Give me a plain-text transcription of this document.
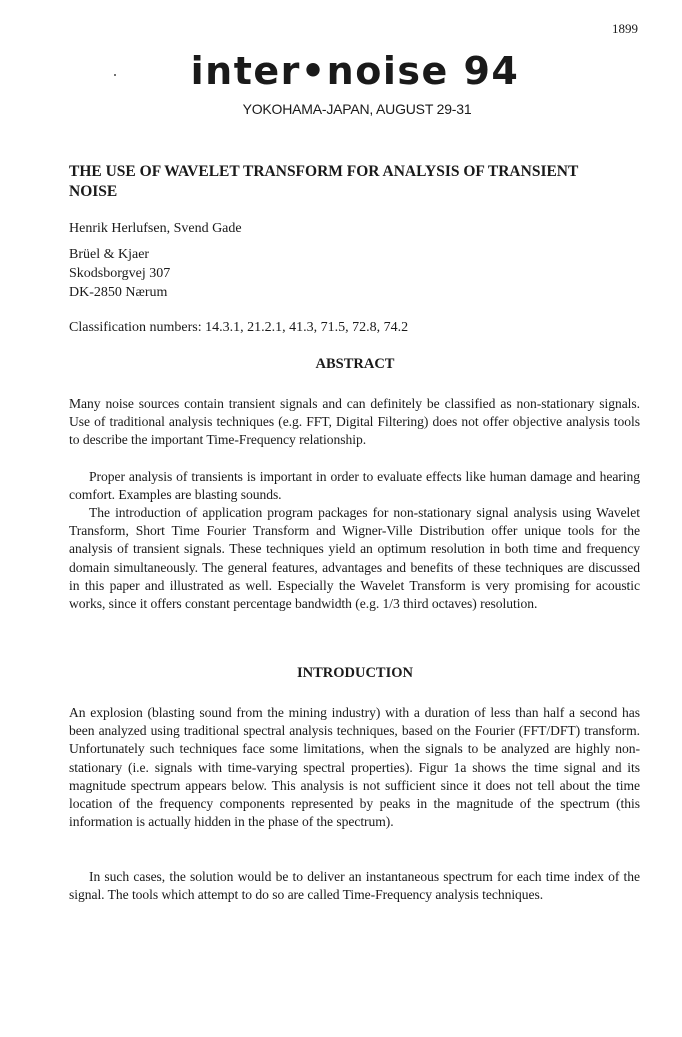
1899
inter•noise 94
YOKOHAMA-JAPAN, AUGUST 29-31
THE USE OF WAVELET TRANSFORM FOR ANALYSIS OF TRANSIENT NOISE

Henrik Herlufsen, Svend Gade

Brüel & Kjaer
Skodsborgvej 307
DK-2850 Nærum

Classification numbers: 14.3.1, 21.2.1, 41.3, 71.5, 72.8, 74.2

ABSTRACT

Many noise sources contain transient signals and can definitely be classified as non-stationary signals. Use of traditional analysis techniques (e.g. FFT, Digital Filtering) does not offer objective analysis tools to describe the important Time-Frequency relationship.

Proper analysis of transients is important in order to evaluate effects like human damage and hearing comfort. Examples are blasting sounds.

The introduction of application program packages for non-stationary signal analysis using Wavelet Transform, Short Time Fourier Transform and Wigner-Ville Distribution offer unique tools for the analysis of transient signals. These techniques yield an optimum resolution in both time and frequency domain simultaneously. The general features, advantages and benefits of these techniques are discussed in this paper and illustrated as well. Especially the Wavelet Transform is very promising for acoustic works, since it offers constant percentage bandwidth (e.g. 1/3 third octaves) resolution.

INTRODUCTION

An explosion (blasting sound from the mining industry) with a duration of less than half a second has been analyzed using traditional spectral analysis techniques, based on the Fourier (FFT/DFT) transform. Unfortunately such techniques face some limitations, when the signals to be analyzed are highly non-stationary (i.e. signals with time-varying spectral properties). Figur 1a shows the time signal and its magnitude spectrum appears below. This analysis is not sufficient since it does not tell about the time location of the frequency components represented by peaks in the magnitude of the spectrum (this information is actually hidden in the phase of the spectrum).

In such cases, the solution would be to deliver an instantaneous spectrum for each time index of the signal. The tools which attempt to do so are called Time-Frequency analysis techniques.
